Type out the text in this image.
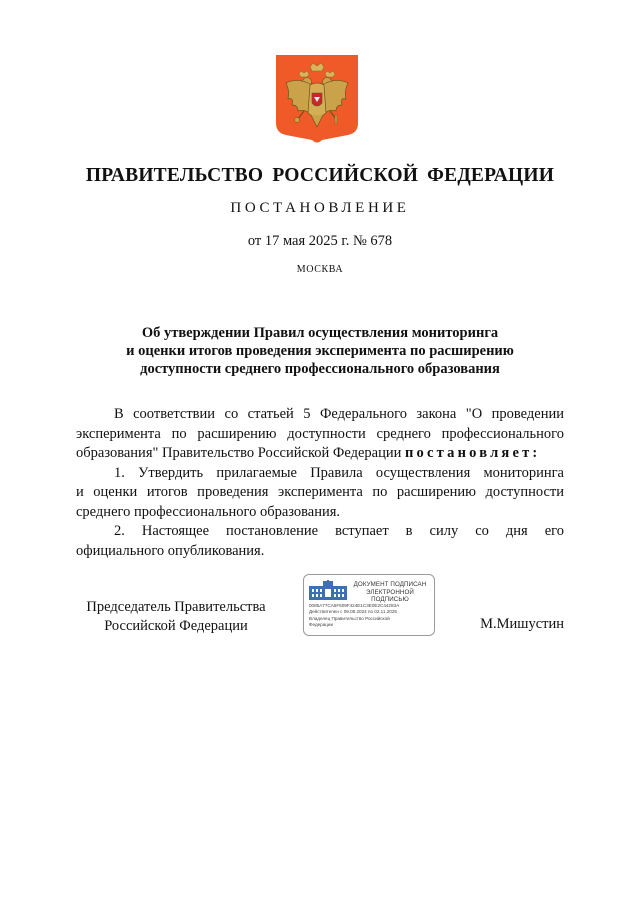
ПРАВИТЕЛЬСТВО РОССИЙСКОЙ ФЕДЕРАЦИИ
ПОСТАНОВЛЕНИЕ
от 17 мая 2025 г. № 678
МОСКВА
Об утверждении Правил осуществления мониторинга
и оценки итогов проведения эксперимента по расширению
доступности среднего профессионального образования

В соответствии со статьей 5 Федерального закона "О проведении
эксперимента по расширению доступности среднего профессионального
образования" Правительство Российской Федерации постановляет:

1. Утвердить прилагаемые Правила осуществления мониторинга
и оценки итогов проведения эксперимента по расширению доступности
среднего профессионального образования.

2. Настоящее постановление вступает в силу со дня его
официального опубликования.

Председатель Правительства
Российской Федерации
ДОКУМЕНТ ПОДПИСАН
ЭЛЕКТРОННОЙ ПОДПИСЬЮ
0085A77CA5F609F424E1C3E0E2C44283A
Действителен с 09.08.2024 по 02.11.2025
Владелец Правительство Российской
Федерации	М.Мишустин
